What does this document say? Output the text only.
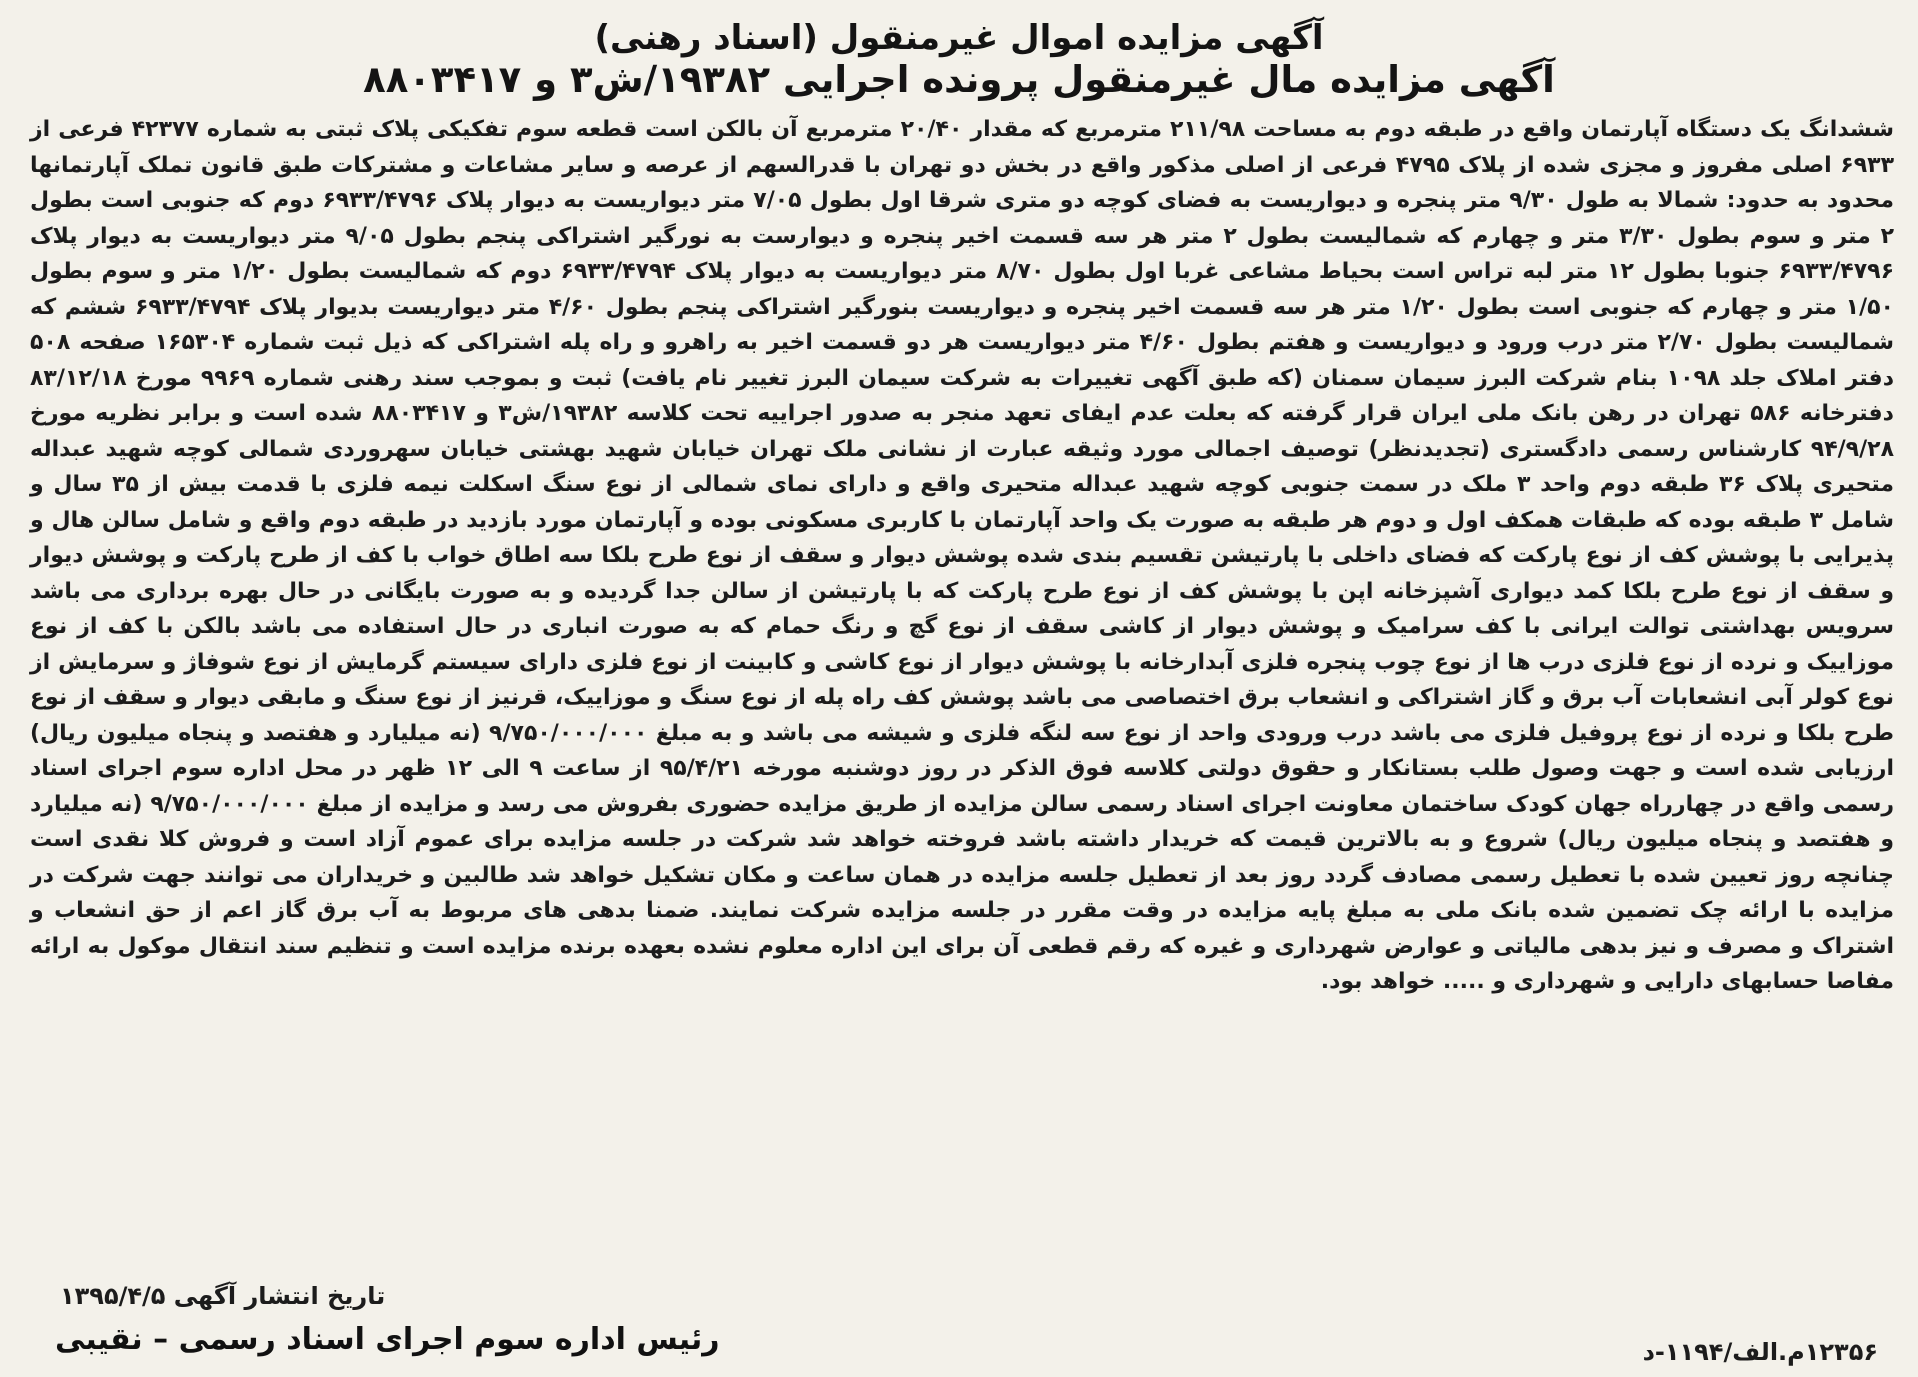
آگهی مزایده اموال غیرمنقول (اسناد رهنی)

آگهی مزایده مال غیرمنقول پرونده اجرایی ۱۹۳۸۲/ش۳ و ۸۸۰۳۴۱۷

ششدانگ یک دستگاه آپارتمان واقع در طبقه دوم به مساحت ۲۱۱/۹۸ مترمربع که مقدار ۲۰/۴۰ مترمربع آن بالکن است قطعه سوم تفکیکی پلاک ثبتی به شماره ۴۲۳۷۷ فرعی از ۶۹۳۳ اصلی مفروز و مجزی شده از پلاک ۴۷۹۵ فرعی از اصلی مذکور واقع در بخش دو تهران با قدرالسهم از عرصه و سایر مشاعات و مشترکات طبق قانون تملک آپارتمانها محدود به حدود: شمالا به طول ۹/۳۰ متر پنجره و دیواریست به فضای کوچه دو متری شرقا اول بطول ۷/۰۵ متر دیواریست به دیوار پلاک ۶۹۳۳/۴۷۹۶ دوم که جنوبی است بطول ۲ متر و سوم بطول ۳/۳۰ متر و چهارم که شمالیست بطول ۲ متر هر سه قسمت اخیر پنجره و دیوارست به نورگیر اشتراکی پنجم بطول ۹/۰۵ متر دیواریست به دیوار پلاک ۶۹۳۳/۴۷۹۶ جنوبا بطول ۱۲ متر لبه تراس است بحیاط مشاعی غربا اول بطول ۸/۷۰ متر دیواریست به دیوار پلاک ۶۹۳۳/۴۷۹۴ دوم که شمالیست بطول ۱/۲۰ متر و سوم بطول ۱/۵۰ متر و چهارم که جنوبی است بطول ۱/۲۰ متر هر سه قسمت اخیر پنجره و دیواریست بنورگیر اشتراکی پنجم بطول ۴/۶۰ متر دیواریست بدیوار پلاک ۶۹۳۳/۴۷۹۴ ششم که شمالیست بطول ۲/۷۰ متر درب ورود و دیواریست و هفتم بطول ۴/۶۰ متر دیواریست هر دو قسمت اخیر به راهرو و راه پله اشتراکی که ذیل ثبت شماره ۱۶۵۳۰۴ صفحه ۵۰۸ دفتر املاک جلد ۱۰۹۸ بنام شرکت البرز سیمان سمنان (که طبق آگهی تغییرات به شرکت سیمان البرز تغییر نام یافت) ثبت و بموجب سند رهنی شماره ۹۹۶۹ مورخ ۸۳/۱۲/۱۸ دفترخانه ۵۸۶ تهران در رهن بانک ملی ایران قرار گرفته که بعلت عدم ایفای تعهد منجر به صدور اجراییه تحت کلاسه ۱۹۳۸۲/ش۳ و ۸۸۰۳۴۱۷ شده است و برابر نظریه مورخ ۹۴/۹/۲۸ کارشناس رسمی دادگستری (تجدیدنظر) توصیف اجمالی مورد وثیقه عبارت از نشانی ملک تهران خیابان شهید بهشتی خیابان سهروردی شمالی کوچه شهید عبداله متحیری پلاک ۳۶ طبقه دوم واحد ۳ ملک در سمت جنوبی کوچه شهید عبداله متحیری واقع و دارای نمای شمالی از نوع سنگ اسکلت نیمه فلزی با قدمت بیش از ۳۵ سال و شامل ۳ طبقه بوده که طبقات همکف اول و دوم هر طبقه به صورت یک واحد آپارتمان با کاربری مسکونی بوده و آپارتمان مورد بازدید در طبقه دوم واقع و شامل سالن هال و پذیرایی با پوشش کف از نوع پارکت که فضای داخلی با پارتیشن تقسیم بندی شده پوشش دیوار و سقف از نوع طرح بلکا سه اطاق خواب با کف از طرح پارکت و پوشش دیوار و سقف از نوع طرح بلکا کمد دیواری آشپزخانه اپن با پوشش کف از نوع طرح پارکت که با پارتیشن از سالن جدا گردیده و به صورت بایگانی در حال بهره برداری می باشد سرویس بهداشتی توالت ایرانی با کف سرامیک و پوشش دیوار از کاشی سقف از نوع گچ و رنگ حمام که به صورت انباری در حال استفاده می باشد بالکن با کف از نوع موزاییک و نرده از نوع فلزی درب ها از نوع چوب پنجره فلزی آبدارخانه با پوشش دیوار از نوع کاشی و کابینت از نوع فلزی دارای سیستم گرمایش از نوع شوفاژ و سرمایش از نوع کولر آبی انشعابات آب برق و گاز اشتراکی و انشعاب برق اختصاصی می باشد پوشش کف راه پله از نوع سنگ و موزاییک، قرنیز از نوع سنگ و مابقی دیوار و سقف از نوع طرح بلکا و نرده از نوع پروفیل فلزی می باشد درب ورودی واحد از نوع سه لنگه فلزی و شیشه می باشد و به مبلغ ۹/۷۵۰/۰۰۰/۰۰۰ (نه میلیارد و هفتصد و پنجاه میلیون ریال) ارزیابی شده است و جهت وصول طلب بستانکار و حقوق دولتی کلاسه فوق الذکر در روز دوشنبه مورخه ۹۵/۴/۲۱ از ساعت ۹ الی ۱۲ ظهر در محل اداره سوم اجرای اسناد رسمی واقع در چهارراه جهان کودک ساختمان معاونت اجرای اسناد رسمی سالن مزایده از طریق مزایده حضوری بفروش می رسد و مزایده از مبلغ ۹/۷۵۰/۰۰۰/۰۰۰ (نه میلیارد و هفتصد و پنجاه میلیون ریال) شروع و به بالاترین قیمت که خریدار داشته باشد فروخته خواهد شد شرکت در جلسه مزایده برای عموم آزاد است و فروش کلا نقدی است چنانچه روز تعیین شده با تعطیل رسمی مصادف گردد روز بعد از تعطیل جلسه مزایده در همان ساعت و مکان تشکیل خواهد شد طالبین و خریداران می توانند جهت شرکت در مزایده با ارائه چک تضمین شده بانک ملی به مبلغ پایه مزایده در وقت مقرر در جلسه مزایده شرکت نمایند. ضمنا بدهی های مربوط به آب برق گاز اعم از حق انشعاب و اشتراک و مصرف و نیز بدهی مالیاتی و عوارض شهرداری و غیره که رقم قطعی آن برای این اداره معلوم نشده بعهده برنده مزایده است و تنظیم سند انتقال موکول به ارائه مفاصا حسابهای دارایی و شهرداری و ..... خواهد بود.

تاریخ انتشار آگهی ۱۳۹۵/۴/۵
رئیس اداره سوم اجرای اسناد رسمی – نقیبی	۱۲۳۵۶م.الف/۱۱۹۴-د
